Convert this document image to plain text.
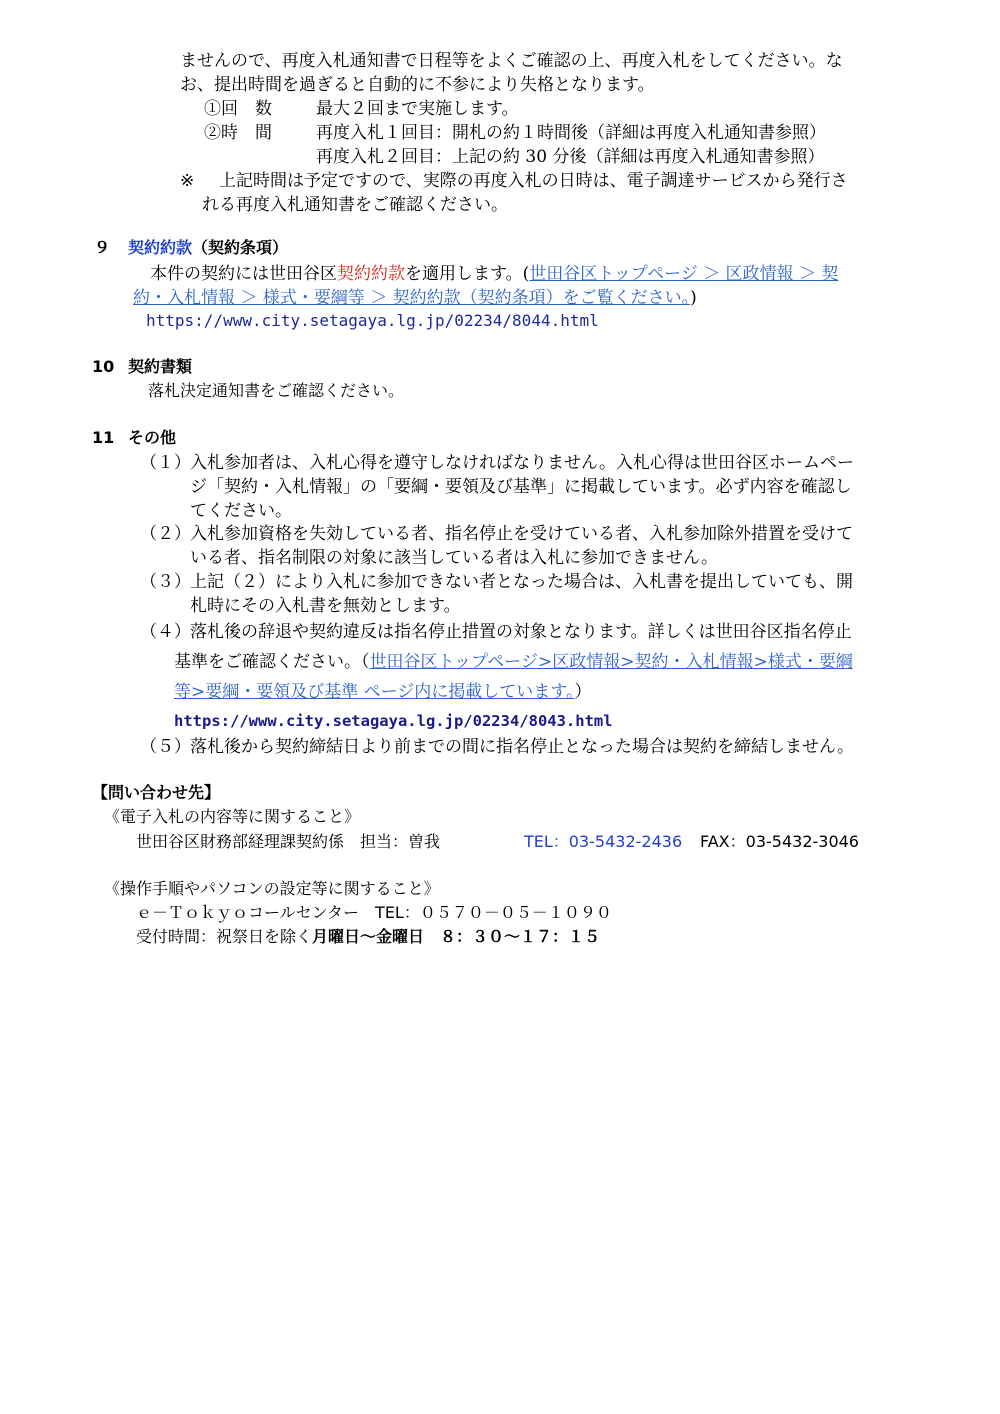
ませんので、再度入札通知書で日程等をよくご確認の上、再度入札をしてください。な
お、提出時間を過ぎると自動的に不参により失格となります。
①回　数	最大２回まで実施します。
②時　間	再度入札１回目：開札の約１時間後（詳細は再度入札通知書参照）
再度入札２回目：上記の約 30 分後（詳細は再度入札通知書参照）
※ 上記時間は予定ですので、実際の再度入札の日時は、電子調達サービスから発行さ
れる再度入札通知書をご確認ください。
９ 契約約款（契約条項）
本件の契約には世田谷区契約約款を適用します。(世田谷区トップページ ＞ 区政情報 ＞ 契
約・入札情報 ＞ 様式・要綱等 ＞ 契約約款（契約条項）をご覧ください。)
https://www.city.setagaya.lg.jp/02234/8044.html
10 契約書類
落札決定通知書をご確認ください。
11 その他
（１） 入札参加者は、入札心得を遵守しなければなりません。入札心得は世田谷区ホームペー
ジ「契約・入札情報」の「要綱・要領及び基準」に掲載しています。必ず内容を確認し
てください。
（２） 入札参加資格を失効している者、指名停止を受けている者、入札参加除外措置を受けて
いる者、指名制限の対象に該当している者は入札に参加できません。
（３） 上記（２）により入札に参加できない者となった場合は、入札書を提出していても、開
札時にその入札書を無効とします。
（４） 落札後の辞退や契約違反は指名停止措置の対象となります。詳しくは世田谷区指名停止
基準をご確認ください。（世田谷区トップページ>区政情報>契約・入札情報>様式・要綱
等>要綱・要領及び基準 ページ内に掲載しています。）
https://www.city.setagaya.lg.jp/02234/8043.html
（５） 落札後から契約締結日より前までの間に指名停止となった場合は契約を締結しません。
【問い合わせ先】
《電子入札の内容等に関すること》
世田谷区財務部経理課契約係　担当：曽我	TEL：03-5432-2436 FAX：03-5432-3046
《操作手順やパソコンの設定等に関すること》
ｅ－Ｔｏｋｙｏコールセンター　TEL：０５７０－０５－１０９０
受付時間：祝祭日を除く月曜日～金曜日　８：３０～１７：１５
